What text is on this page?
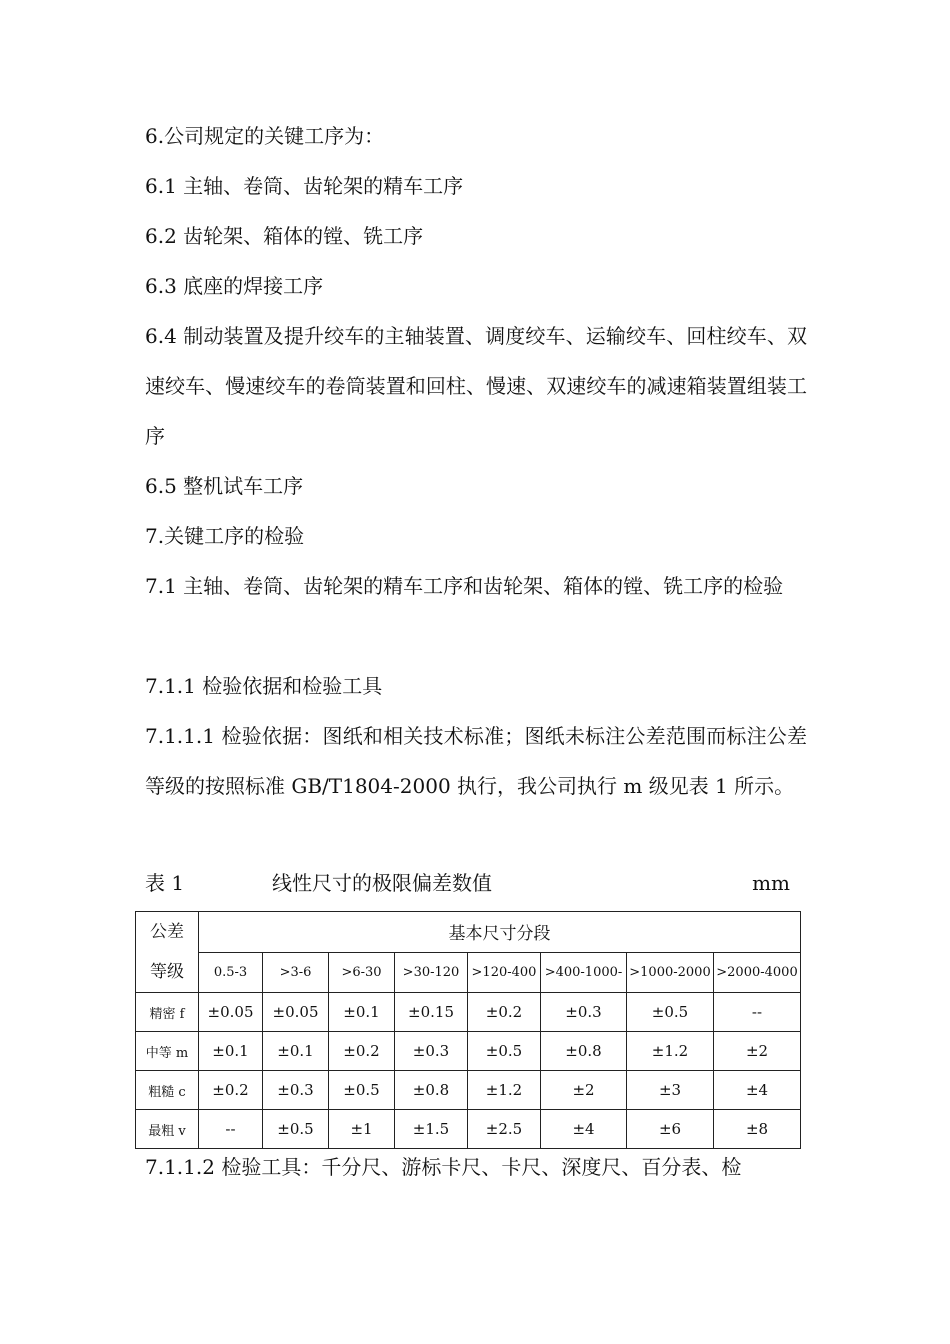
6.公司规定的关键工序为：

6.1 主轴、卷筒、齿轮架的精车工序

6.2 齿轮架、箱体的镗、铣工序

6.3 底座的焊接工序

6.4 制动装置及提升绞车的主轴装置、调度绞车、运输绞车、回柱绞车、双速绞车、慢速绞车的卷筒装置和回柱、慢速、双速绞车的减速箱装置组装工序

6.5 整机试车工序

7.关键工序的检验

7.1 主轴、卷筒、齿轮架的精车工序和齿轮架、箱体的镗、铣工序的检验

7.1.1 检验依据和检验工具

7.1.1.1 检验依据：图纸和相关技术标准；图纸未标注公差范围而标注公差等级的按照标准 GB/T1804-2000 执行，我公司执行 m 级见表 1 所示。

表 1	线性尺寸的极限偏差数值	mm
公差
等级	基本尺寸分段							
	0.5-3	>3-6	>6-30	>30-120	>120-400	>400-1000-	>1000-2000	>2000-4000
精密 f	±0.05	±0.05	±0.1	±0.15	±0.2	±0.3	±0.5	--
中等 m	±0.1	±0.1	±0.2	±0.3	±0.5	±0.8	±1.2	±2
粗糙 c	±0.2	±0.3	±0.5	±0.8	±1.2	±2	±3	±4
最粗 v	--	±0.5	±1	±1.5	±2.5	±4	±6	±8

7.1.1.2 检验工具：千分尺、游标卡尺、卡尺、深度尺、百分表、检
